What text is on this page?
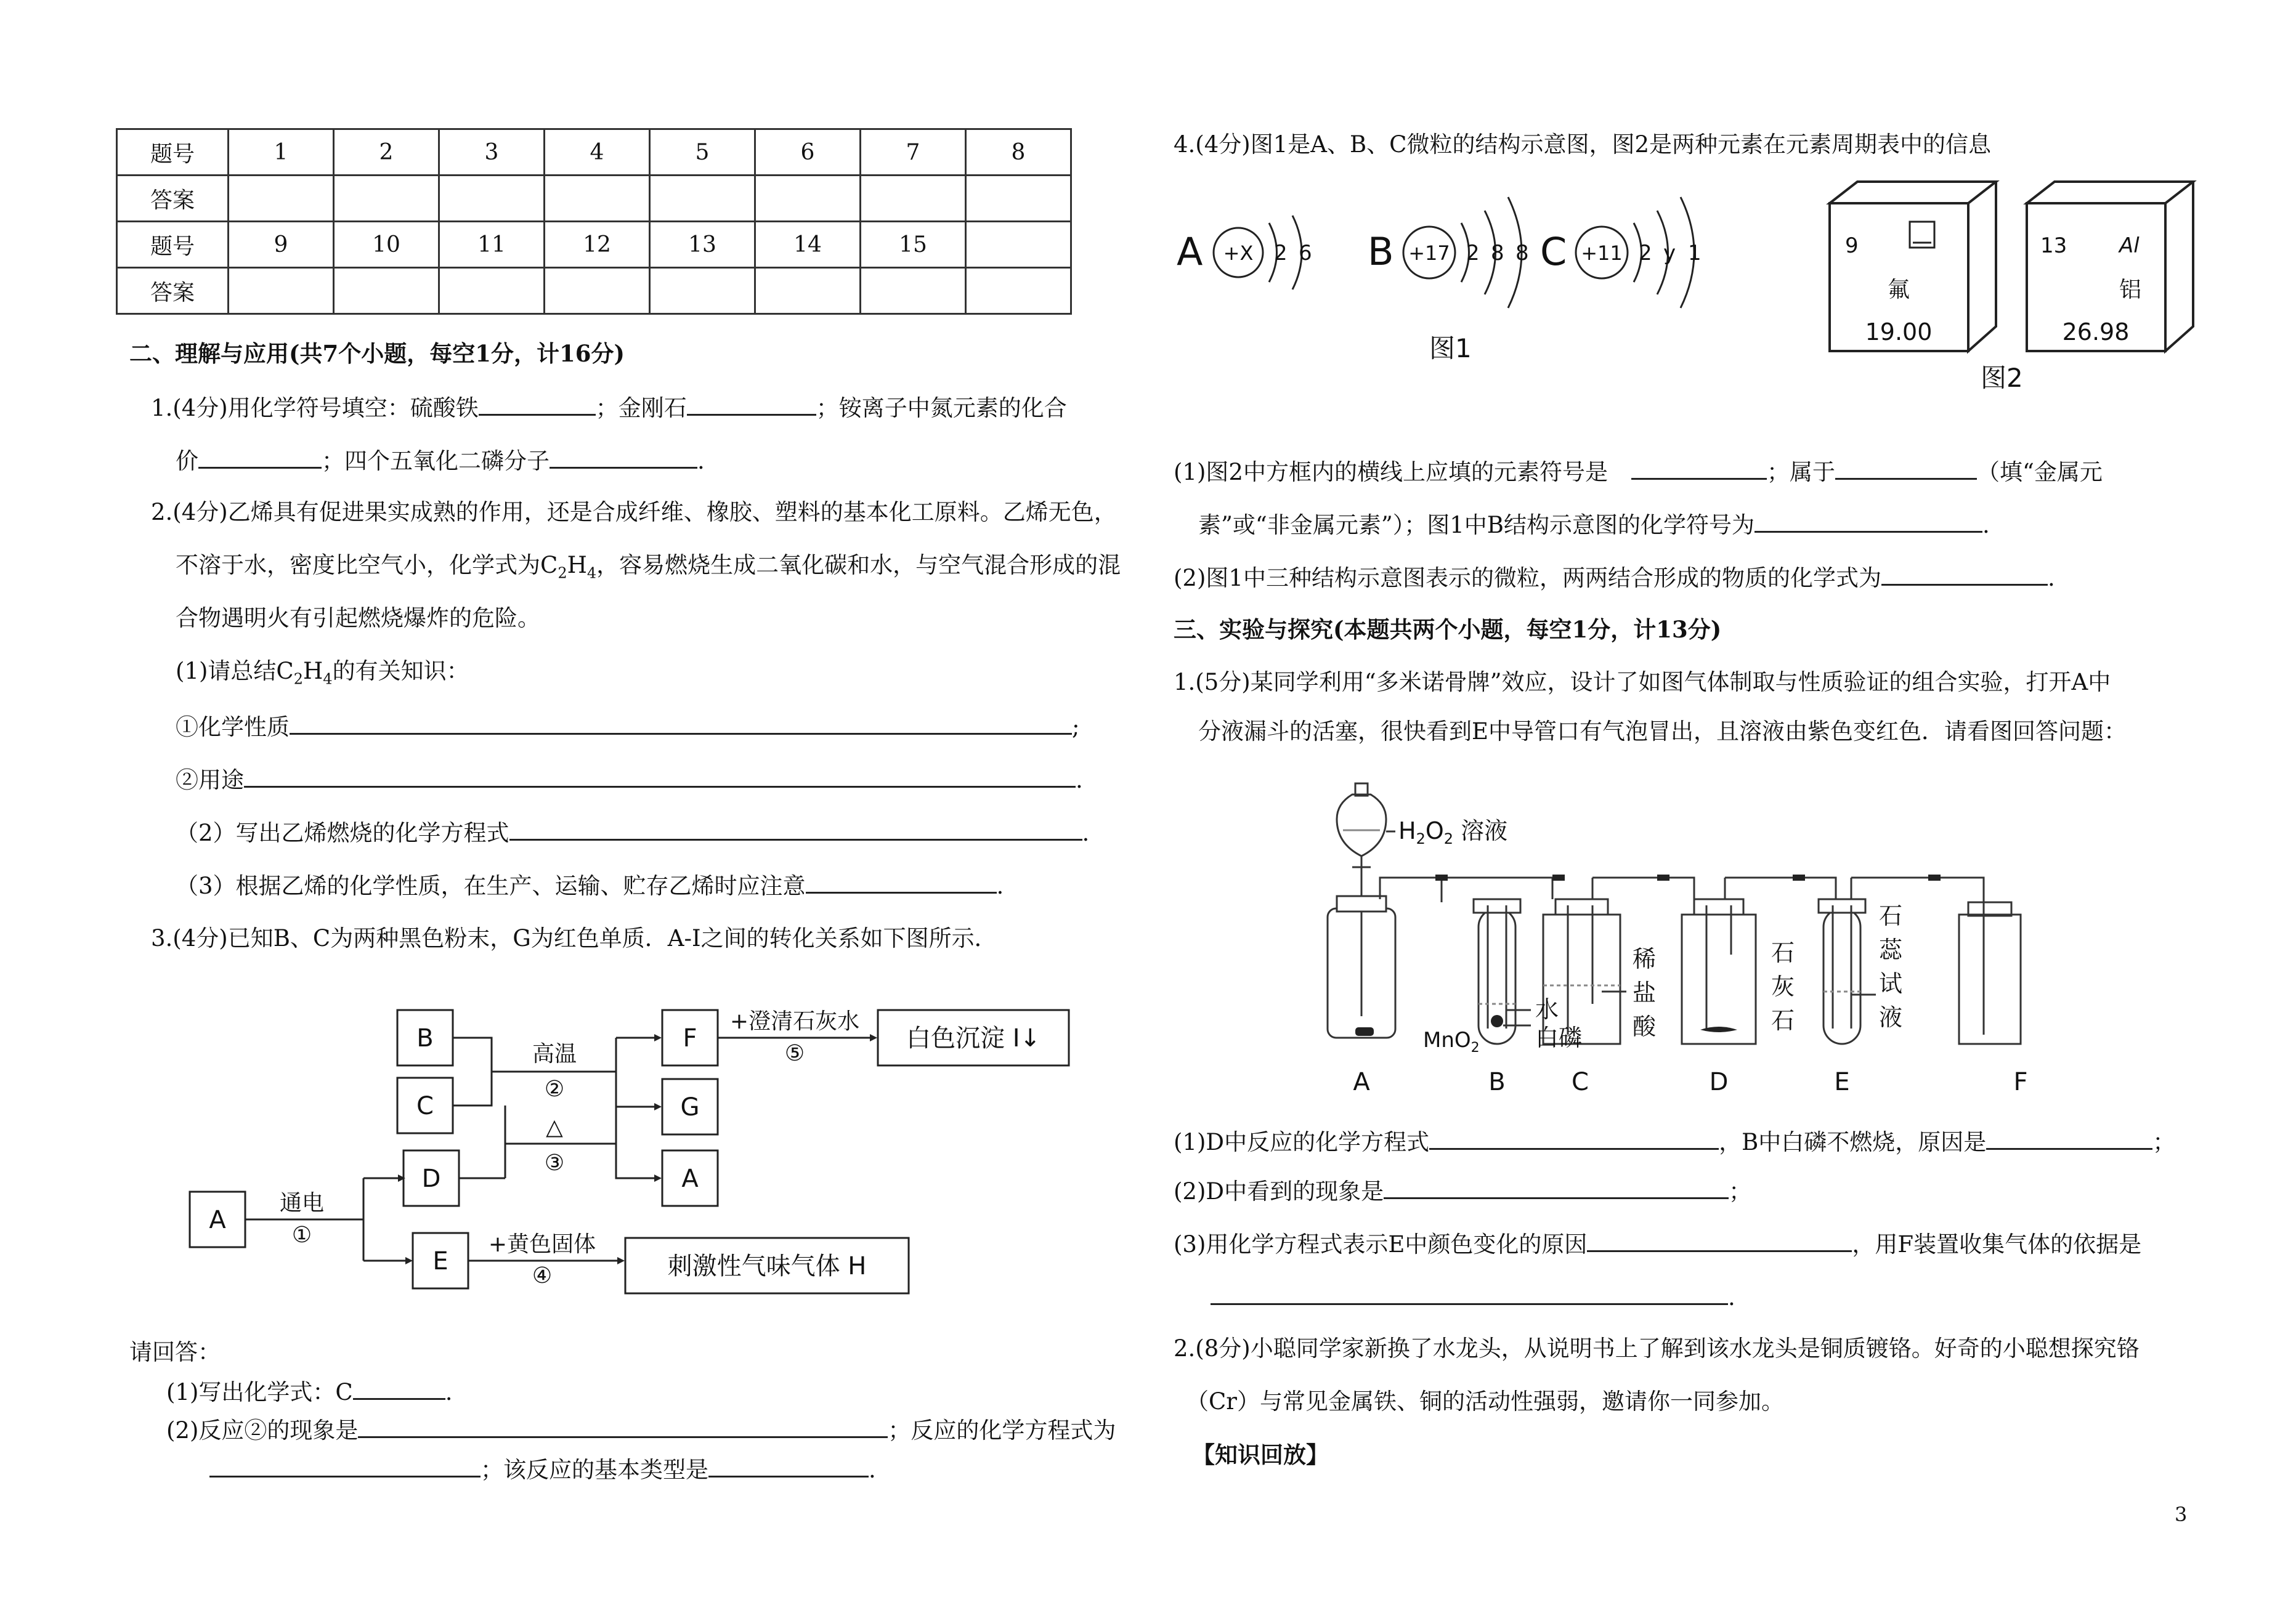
题号	1	2	3	4	5	6	7	8
答案								
题号	9	10	11	12	13	14	15	
答案								
二、理解与应用(共7个小题，每空1分，计16分)
1.(4分)用化学符号填空：硫酸铁	；金刚石	；铵离子中氮元素的化合
价	；四个五氧化二磷分子	.
2.(4分)乙烯具有促进果实成熟的作用，还是合成纤维、橡胶、塑料的基本化工原料。乙烯无色，
不溶于水，密度比空气小，化学式为$C_2H_4$，容易燃烧生成二氧化碳和水，与空气混合形成的混
合物遇明火有引起燃烧爆炸的危险。
(1)请总结$C_2H_4$的有关知识：
①化学性质	;
②用途	.
（2）写出乙烯燃烧的化学方程式	.
（3）根据乙烯的化学性质，在生产、运输、贮存乙烯时应注意	.
3.(4分)已知B、C为两种黑色粉末，G为红色单质．A-I之间的转化关系如下图所示．
B
C
D
A
E
F
G
A
白色沉淀 I↓
刺激性气味气体 H
高温
②
△
③
通电
①
+澄清石灰水
⑤
+黄色固体
④
请回答：
(1)写出化学式：C	.
(2)反应②的现象是	；反应的化学方程式为
；该反应的基本类型是	.
4.(4分)图1是A、B、C微粒的结构示意图，图2是两种元素在元素周期表中的信息
A +X 2 6 B +17 2 8 8 C +11 2 y 1
图1
9
氟
19.00
13 Al
铝
26.98
图2
(1)图2中方框内的横线上应填的元素符号是	；属于	（填“金属元
素”或“非金属元素”）；图1中B结构示意图的化学符号为	.
(2)图1中三种结构示意图表示的微粒，两两结合形成的物质的化学式为	.
三、实验与探究(本题共两个小题，每空1分，计13分)
1.(5分)某同学利用“多米诺骨牌”效应，设计了如图气体制取与性质验证的组合实验，打开A中
分液漏斗的活塞，很快看到E中导管口有气泡冒出，且溶液由紫色变红色．请看图回答问题：
$H_2O_2$ 溶液
MnO$_2$
水
白磷
稀
盐
酸
石
灰
石
石
蕊
试
液
A	B	C	D	E	F
(1)D中反应的化学方程式	，B中白磷不燃烧，原因是	；
(2)D中看到的现象是	；
(3)用化学方程式表示E中颜色变化的原因	，用F装置收集气体的依据是
.
2.(8分)小聪同学家新换了水龙头，从说明书上了解到该水龙头是铜质镀铬。好奇的小聪想探究铬
（Cr）与常见金属铁、铜的活动性强弱，邀请你一同参加。
【知识回放】
3
